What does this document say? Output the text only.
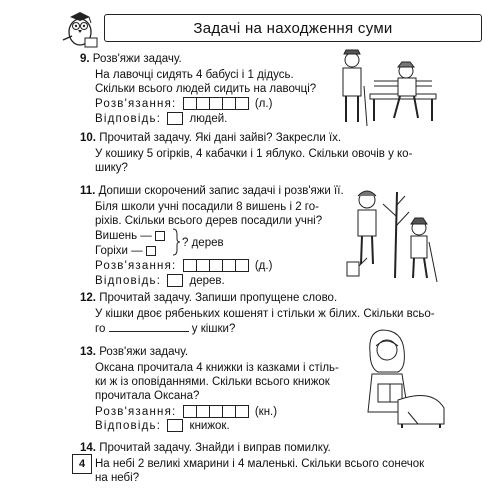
Задачі на находження суми
9. Розв'яжи задачу.
На лавочці сидять 4 бабусі і 1 дідусь.
Скільки всього людей сидить на лавочці?
Розв'язання:	(л.)
Відповідь: людей.
10. Прочитай задачу. Які дані зайві? Закресли їх.
У кошику 5 огірків, 4 кабачки і 1 яблуко. Скільки овочів у ко-
шику?
11. Допиши скорочений запис задачі і розв'яжи її.
Біля школи учні посадили 8 вишень і 2 го-
ріхів. Скільки всього дерев посадили учні?
Вишень —
Горіхи —
? дерев
Розв'язання:	(д.)
Відповідь: дерев.
12. Прочитай задачу. Запиши пропущене слово.
У кішки двоє рябеньких кошенят і стільки ж білих. Скільки всьо-
го	у кішки?
13. Розв'яжи задачу.
Оксана прочитала 4 книжки із казками і стіль-
ки ж із оповіданнями. Скільки всього книжок
прочитала Оксана?
Розв'язання:	(кн.)
Відповідь: книжок.
14. Прочитай задачу. Знайди і виправ помилку.
На небі 2 великі хмарини і 4 маленькі. Скільки всього сонечок
на небі?
4
